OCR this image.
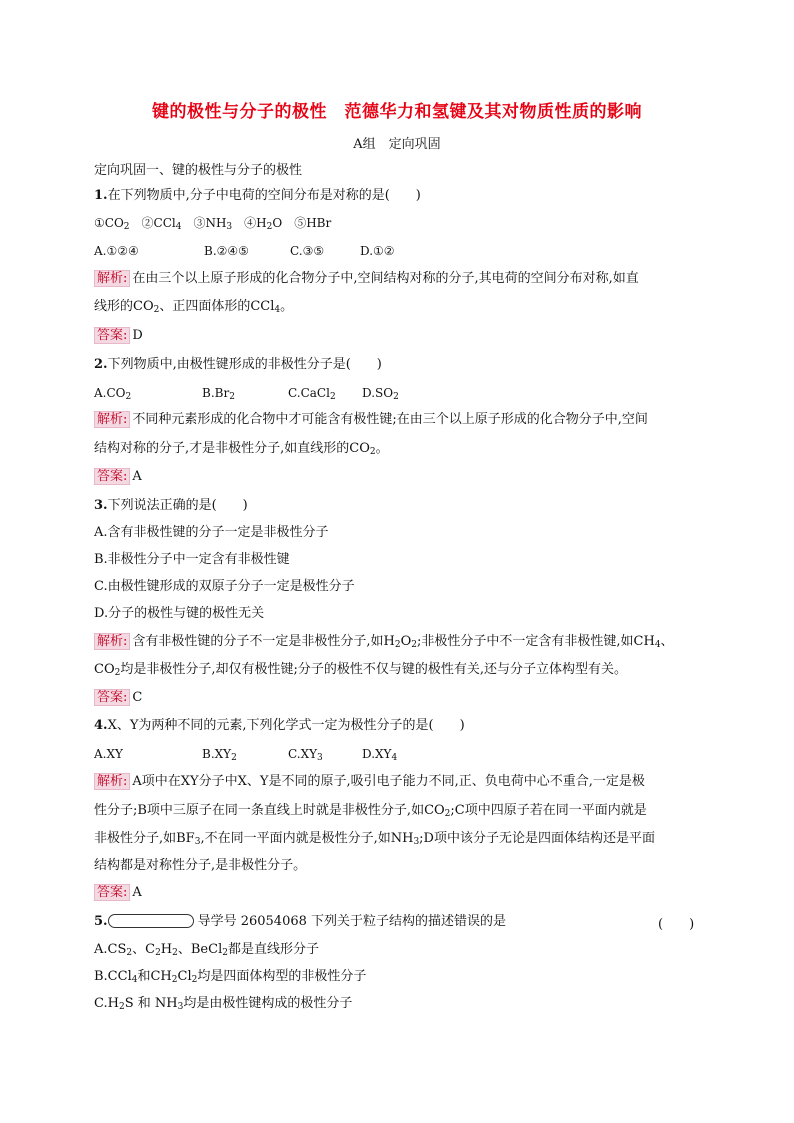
键的极性与分子的极性　范德华力和氢键及其对物质性质的影响
A组　定向巩固
定向巩固一、键的极性与分子的极性
1.在下列物质中,分子中电荷的空间分布是对称的是(　　)
$①CO_2$　②CCl$_4$　$③NH_3$　$④H_2O$　⑤HBr
A.①②④	B.②④⑤	C.③⑤	D.①②
解析: 在由三个以上原子形成的化合物分子中,空间结构对称的分子,其电荷的空间分布对称,如直
线形的$CO_2$、正四面体形的CCl$_4$。
答案: D
2.下列物质中,由极性键形成的非极性分子是(　　)
$A.CO_2$	$B.Br_2$	C.CaCl$_2$ $D.SO_2$
解析: 不同种元素形成的化合物中才可能含有极性键;在由三个以上原子形成的化合物分子中,空间
结构对称的分子,才是非极性分子,如直线形的$CO_2$。
答案: A
3.下列说法正确的是(　　)
A.含有非极性键的分子一定是非极性分子
B.非极性分子中一定含有非极性键
C.由极性键形成的双原子分子一定是极性分子
D.分子的极性与键的极性无关
解析: 含有非极性键的分子不一定是非极性分子,如$H_2O_2$;非极性分子中不一定含有非极性键,如$CH_4$、
$CO_2$均是非极性分子,却仅有极性键;分子的极性不仅与键的极性有关,还与分子立体构型有关。
答案: C
4.X、Y为两种不同的元素,下列化学式一定为极性分子的是(　　)
A.XY	$B.XY_2$	$C.XY_3$	$D.XY_4$
解析: A项中在XY分子中X、Y是不同的原子,吸引电子能力不同,正、负电荷中心不重合,一定是极
性分子;B项中三原子在同一条直线上时就是非极性分子,如$CO_2;C$项中四原子若在同一平面内就是
非极性分子,如$BF_3$,不在同一平面内就是极性分子,如$NH_3;D$项中该分子无论是四面体结构还是平面
结构都是对称性分子,是非极性分子。
答案: A
5.	导学号 26054068 下列关于粒子结构的描述错误的是	(　　)
$A.CS_2$、$C_2H_2$、BeCl$_2$都是直线形分子
B.CCl$_4$和$CH_2Cl_2$均是四面体构型的非极性分子
$C.H_2S$ 和 $NH_3$均是由极性键构成的极性分子
